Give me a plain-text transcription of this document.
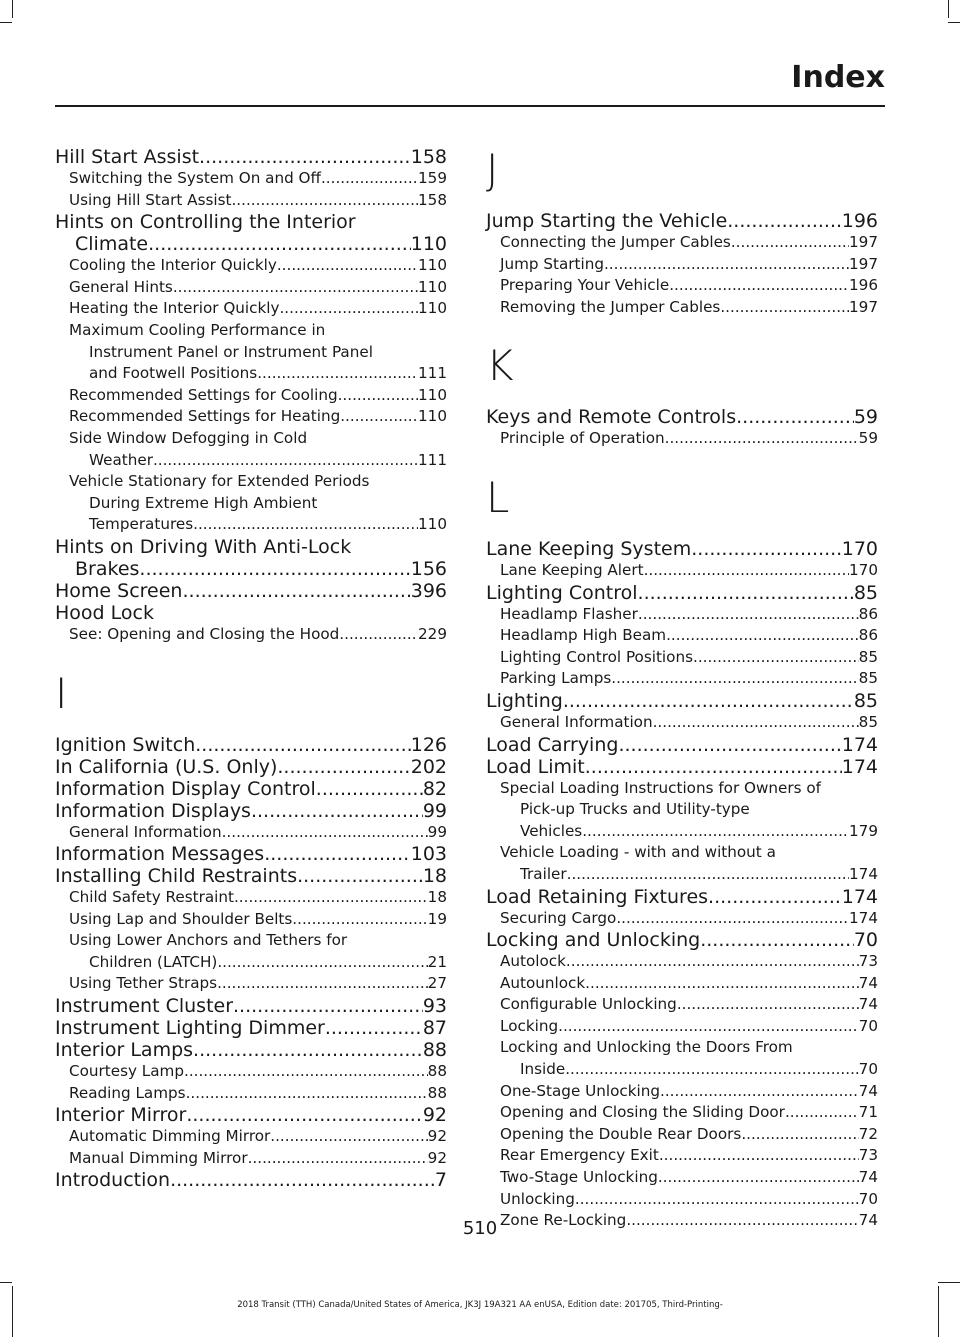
Index
Hill Start Assist .....	158
Switching the System On and Off .....	159
Using Hill Start Assist .....	158
Hints on Controlling the Interior
Climate .....	110
Cooling the Interior Quickly .....	110
General Hints .....	110
Heating the Interior Quickly .....	110
Maximum Cooling Performance in
Instrument Panel or Instrument Panel
and Footwell Positions .....	111
Recommended Settings for Cooling .....	110
Recommended Settings for Heating .....	110
Side Window Defogging in Cold
Weather .....	111
Vehicle Stationary for Extended Periods
During Extreme High Ambient
Temperatures .....	110
Hints on Driving With Anti-Lock
Brakes .....	156
Home Screen .....	396
Hood Lock
See: Opening and Closing the Hood .....	229
I
Ignition Switch .....	126
In California (U.S. Only) .....	202
Information Display Control .....	82
Information Displays .....	99
General Information .....	99
Information Messages .....	103
Installing Child Restraints .....	18
Child Safety Restraint .....	18
Using Lap and Shoulder Belts .....	19
Using Lower Anchors and Tethers for
Children (LATCH) .....	21
Using Tether Straps .....	27
Instrument Cluster .....	93
Instrument Lighting Dimmer .....	87
Interior Lamps .....	88
Courtesy Lamp .....	88
Reading Lamps .....	88
Interior Mirror .....	92
Automatic Dimming Mirror .....	92
Manual Dimming Mirror .....	92
Introduction .....	7
J
Jump Starting the Vehicle .....	196
Connecting the Jumper Cables .....	197
Jump Starting .....	197
Preparing Your Vehicle .....	196
Removing the Jumper Cables .....	197
K
Keys and Remote Controls .....	59
Principle of Operation .....	59
L
Lane Keeping System .....	170
Lane Keeping Alert .....	170
Lighting Control .....	85
Headlamp Flasher .....	86
Headlamp High Beam .....	86
Lighting Control Positions .....	85
Parking Lamps .....	85
Lighting .....	85
General Information .....	85
Load Carrying .....	174
Load Limit .....	174
Special Loading Instructions for Owners of
Pick-up Trucks and Utility-type
Vehicles .....	179
Vehicle Loading - with and without a
Trailer .....	174
Load Retaining Fixtures .....	174
Securing Cargo .....	174
Locking and Unlocking .....	70
Autolock .....	73
Autounlock .....	74
Configurable Unlocking .....	74
Locking .....	70
Locking and Unlocking the Doors From
Inside .....	70
One-Stage Unlocking .....	74
Opening and Closing the Sliding Door .....	71
Opening the Double Rear Doors .....	72
Rear Emergency Exit .....	73
Two-Stage Unlocking .....	74
Unlocking .....	70
Zone Re-Locking .....	74
510
2018 Transit (TTH) Canada/United States of America, JK3J 19A321 AA enUSA, Edition date: 201705, Third-Printing-
